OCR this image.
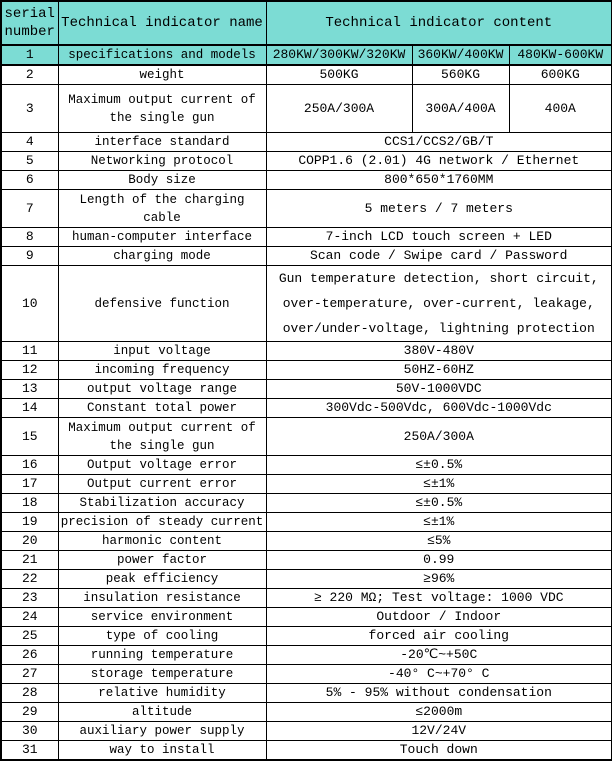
serial number	Technical indicator name	Technical indicator content		
1	specifications and models	280KW/300KW/320KW	360KW/400KW	480KW-600KW
2	weight	500KG	560KG	600KG
3	Maximum output current of the single gun	250A/300A	300A/400A	400A
4	interface standard	CCS1/CCS2/GB/T		
5	Networking protocol	COPP1.6 (2.01) 4G network / Ethernet		
6	Body size	800*650*1760MM		
7	Length of the charging cable	5 meters / 7 meters		
8	human-computer interface	7-inch LCD touch screen + LED		
9	charging mode	Scan code / Swipe card / Password		
10	defensive function	Gun temperature detection, short circuit, over-temperature, over-current, leakage, over/under-voltage, lightning protection		
11	input voltage	380V-480V		
12	incoming frequency	50HZ-60HZ		
13	output voltage range	50V-1000VDC		
14	Constant total power	300Vdc-500Vdc, 600Vdc-1000Vdc		
15	Maximum output current of the single gun	250A/300A		
16	Output voltage error	≤±0.5%		
17	Output current error	≤±1%		
18	Stabilization accuracy	≤±0.5%		
19	precision of steady current	≤±1%		
20	harmonic content	≤5%		
21	power factor	0.99		
22	peak efficiency	≥96%		
23	insulation resistance	≥ 220 MΩ; Test voltage: 1000 VDC		
24	service environment	Outdoor / Indoor		
25	type of cooling	forced air cooling		
26	running temperature	-20℃~+50C		
27	storage temperature	-40° C~+70° C		
28	relative humidity	5% - 95% without condensation		
29	altitude	≤2000m		
30	auxiliary power supply	12V/24V		
31	way to install	Touch down		
